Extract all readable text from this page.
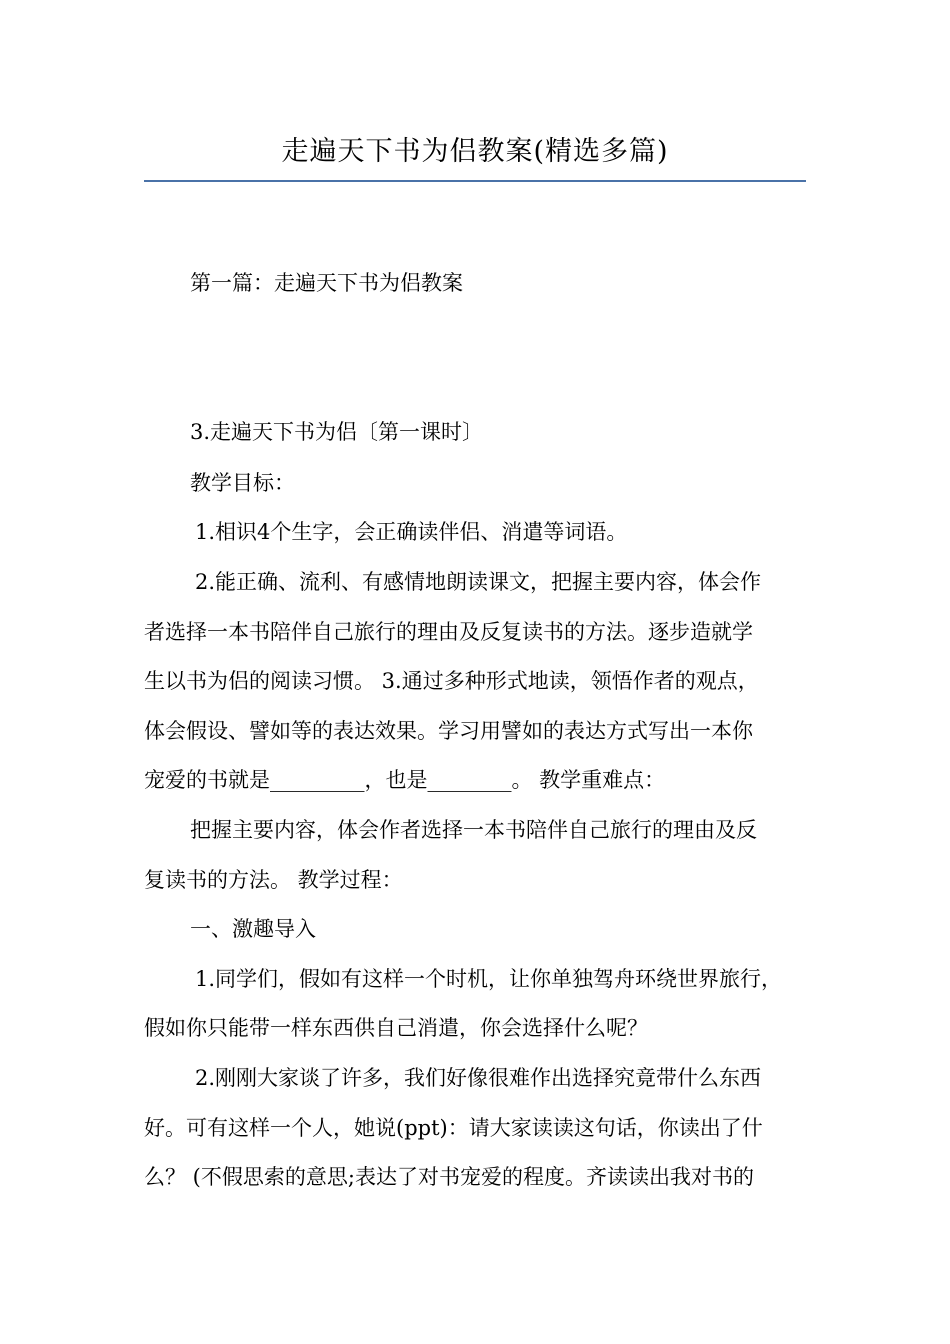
走遍天下书为侣教案(精选多篇)
第一篇：走遍天下书为侣教案
3.走遍天下书为侣〔第一课时〕
教学目标：
1.相识4个生字，会正确读伴侣、消遣等词语。
2.能正确、流利、有感情地朗读课文，把握主要内容，体会作
者选择一本书陪伴自己旅行的理由及反复读书的方法。逐步造就学
生以书为侣的阅读习惯。 3.通过多种形式地读，领悟作者的观点，
体会假设、譬如等的表达效果。学习用譬如的表达方式写出一本你
宠爱的书就是_________，也是________。 教学重难点：
把握主要内容，体会作者选择一本书陪伴自己旅行的理由及反
复读书的方法。 教学过程：
一、激趣导入
1.同学们，假如有这样一个时机，让你单独驾舟环绕世界旅行，
假如你只能带一样东西供自己消遣，你会选择什么呢？
2.刚刚大家谈了许多，我们好像很难作出选择究竟带什么东西
好。可有这样一个人，她说(ppt)：请大家读读这句话，你读出了什
么？ (不假思索的意思;表达了对书宠爱的程度。齐读读出我对书的
